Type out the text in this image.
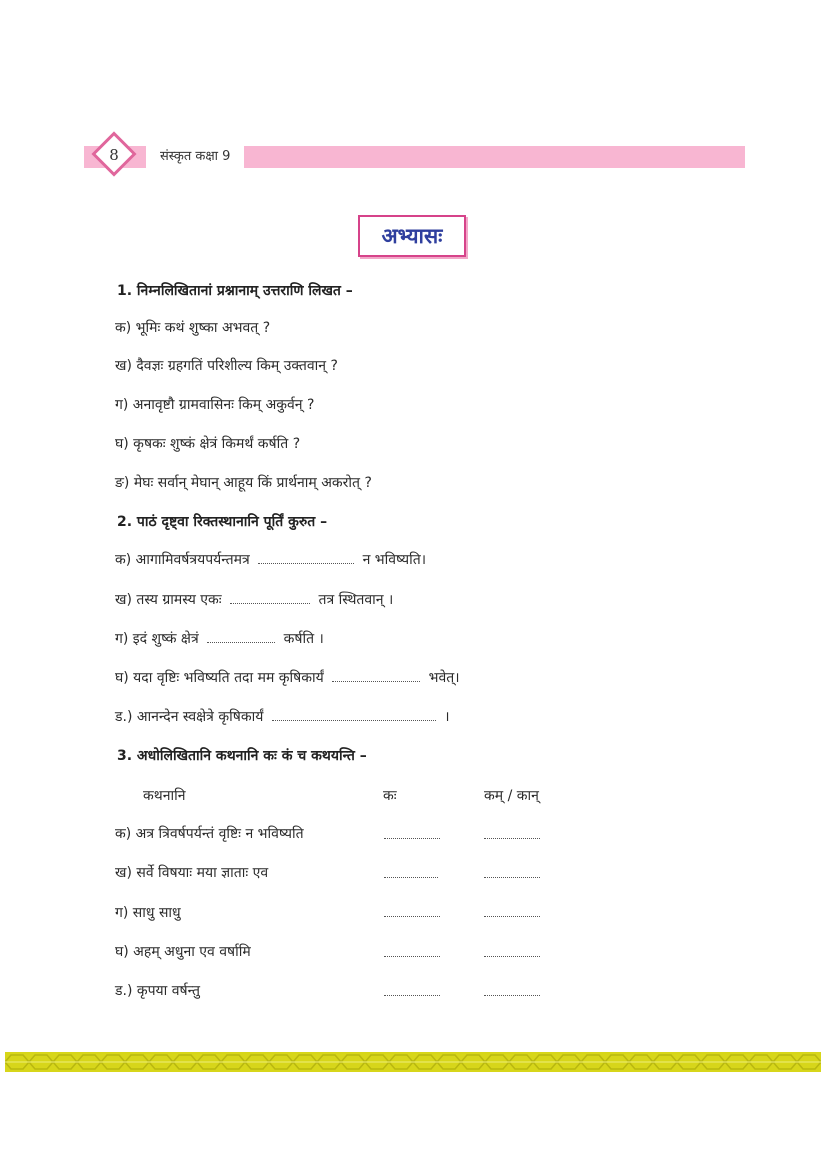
8	संस्कृत कक्षा 9
अभ्यासः
1. निम्नलिखितानां प्रश्नानाम् उत्तराणि लिखत –
क) भूमिः कथं शुष्का अभवत् ?
ख) दैवज्ञः ग्रहगतिं परिशील्य किम् उक्तवान् ?
ग) अनावृष्टौ ग्रामवासिनः किम् अकुर्वन् ?
घ) कृषकः शुष्कं क्षेत्रं किमर्थं कर्षति ?
ङ) मेघः सर्वान् मेघान् आहूय किं प्रार्थनाम् अकरोत् ?
2. पाठं दृष्ट्वा रिक्तस्थानानि पूर्तिं कुरुत –
क) आगामिवर्षत्रयपर्यन्तमत्र	न भविष्यति।
ख) तस्य ग्रामस्य एकः	तत्र स्थितवान् ।
ग) इदं शुष्कं क्षेत्रं	कर्षति ।
घ) यदा वृष्टिः भविष्यति तदा मम कृषिकार्यं	भवेत्।
ड.) आनन्देन स्वक्षेत्रे कृषिकार्यं	।
3. अधोलिखितानि कथनानि कः कं च कथयन्ति –
कथनानि	कः	कम् / कान्
क) अत्र त्रिवर्षपर्यन्तं वृष्टिः न भविष्यति
ख) सर्वे विषयाः मया ज्ञाताः एव
ग) साधु साधु
घ) अहम् अधुना एव वर्षामि
ड.) कृपया वर्षन्तु
